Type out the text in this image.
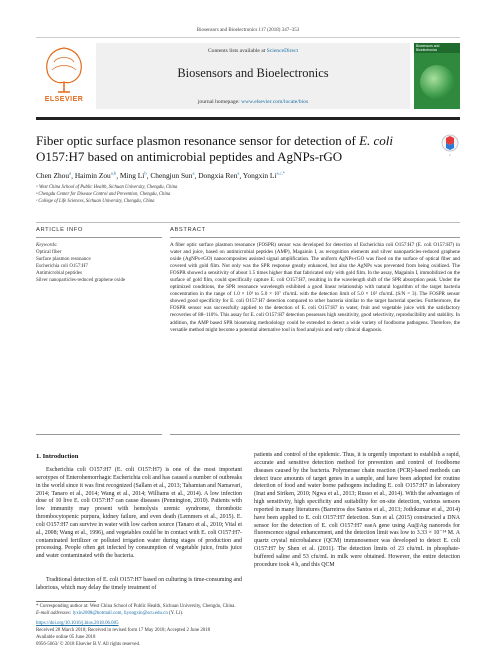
Biosensors and Bioelectronics 117 (2018) 347–353
ELSEVIER
Contents lists available at ScienceDirect
Biosensors and Bioelectronics
journal homepage: www.elsevier.com/locate/bios
Biosensors and Bioelectronics
Fiber optic surface plasmon resonance sensor for detection of E. coli
O157:H7 based on antimicrobial peptides and AgNPs-rGO	✓
Chen Zhou$^a$, Haimin Zou$^{a,b}$, Ming Li$^b$, Chengjun Sun$^a$, Dongxia Ren$^a$, Yongxin $Li^{a,c,*}$
ᵃ West China School of Public Health, Sichuan University, Chengdu, China
ᵇ Chengdu Center for Disease Control and Prevention, Chengdu, China
ᶜ College of Life Sciences, Sichuan University, Chengdu, China
ARTICLE INFO	ABSTRACT
Keywords:
Optical fiber
Surface plasmon resonance
Escherichia coli O157:H7
Antimicrobial peptides
Silver nanoparticles-reduced graphene oxide
A fiber optic surface plasmon resonance (FOSPR) sensor was developed for detection of Escherichia coli O157:H7 (E. coli O157:H7) in water and juice, based on antimicrobial peptides (AMP), Magainin I, as recognition elements and silver nanoparticles-reduced graphene oxide (AgNPs-rGO) nanocomposites assisted signal amplification. The uniform AgNPs-rGO was fixed on the surface of optical fiber and covered with gold film. Not only was the SPR response greatly enhanced, but also the AgNPs was prevented from being oxidized. The FOSPR showed a sensitivity of about 1.5 times higher than that fabricated only with gold film. In the assay, Magainin I, immobilized on the surface of gold film, could specifically capture E. coli O157:H7, resulting in the wavelength shift of the SPR absorption peak. Under the optimized conditions, the SPR resonance wavelength exhibited a good linear relationship with natural logarithm of the target bacteria concentration in the range of 1.0 × 10³ to 5.0 × 10⁷ cfu/mL with the detection limit of 5.0 × 10² cfu/mL (S/N = 3). The FOSPR sensor showed good specificity for E. coli O157:H7 detection compared to other bacteria similar to the target bacterial species. Furthermore, the FOSPR sensor was successfully applied to the detection of E. coli O157:H7 in water, fruit and vegetable juice with the satisfactory recoveries of 88–110%. This assay for E. coli O157:H7 detection possesses high sensitivity, good selectivity, reproducibility and stability. In addition, the AMP based SPR biosensing methodology could be extended to detect a wide variety of foodborne pathogens. Therefore, the versatile method might become a potential alternative tool in food analysis and early clinical diagnosis.
1. Introduction
Escherichia coli O157:H7 (E. coli O157:H7) is one of the most important serotypes of Enterohemorrhagic Escherichia coli and has caused a number of outbreaks in the world since it was first recognized (Sallam et al., 2013; Tahamtan and Namavari, 2014; Tanaro et al., 2014; Wang et al., 2014; Williams et al., 2014). A low infection dose of 10 live E. coli O157:H7 can cause diseases (Pennington, 2010). Patients with low immunity may present with hemolysis uremic syndrome, thrombotic thrombocytopenic purpura, kidney failure, and even death (Lemmers et al., 2015). E. coli O157:H7 can survive in water with low carbon source (Tanaro et al., 2010; Vital et al., 2008; Wang et al., 1996), and vegetables could be in contact with E. coli O157:H7-contaminated fertilizer or polluted irrigation water during stages of production and processing. People often get infected by consumption of vegetable juice, fruits juice and water contaminated with the bacteria.
Traditional detection of E. coli O157:H7 based on culturing is time-consuming and laborious, which may delay the timely treatment of
patients and control of the epidemic. Thus, it is urgently important to establish a rapid, accurate and sensitive detection method for prevention and control of foodborne diseases caused by the bacteria. Polymerase chain reaction (PCR)-based methods can detect trace amounts of target genes in a sample, and have been adopted for routine detection of food and water borne pathogens including E. coli O157:H7 in laboratory (Inat and Siriken, 2010; Ngwa et al., 2013; Russo et al., 2014). With the advantages of high sensitivity, high specificity and suitability for on-site detection, various sensors reported in many literatures (Barreiros dos Santos et al., 2013; Jothikumar et al., 2014) have been applied to E. coli O157:H7 detection. Sun et al. (2015) constructed a DNA sensor for the detection of E. coli O157:H7 eaeA gene using Au@Ag nanorods for fluorescence signal enhancement, and the detection limit was low to 3.33 × 10⁻¹⁴ M. A quartz crystal microbalance (QCM) immunosensor was developed to detect E. coli O157:H7 by Shen et al. (2011). The detection limits of 23 cfu/mL in phosphate-buffered saline and 53 cfu/mL in milk were obtained. However, the entire detection procedure took 4 h, and this QCM
* Corresponding author at: West China School of Public Health, Sichuan University, Chengdu, China.
E-mail addresses: lyxin2008@hotmail.com, liyongxin@scu.edu.cn (Y. Li).
https://doi.org/10.1016/j.bios.2018.06.005
Received 28 March 2018; Received in revised form 17 May 2018; Accepted 2 June 2018
Available online 05 June 2018
0956-5663/ © 2018 Elsevier B.V. All rights reserved.
